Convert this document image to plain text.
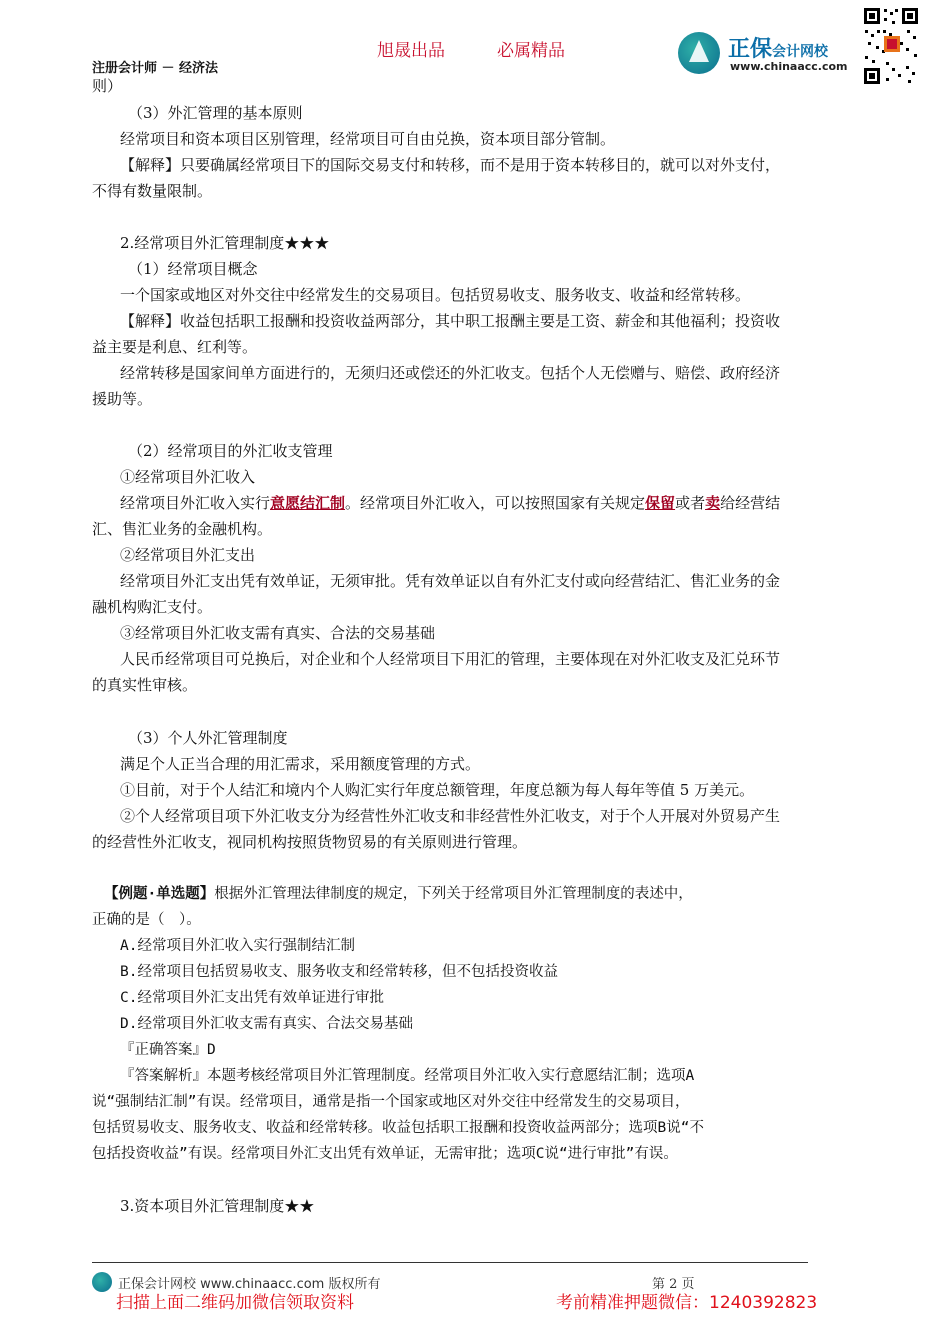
旭晟出品	必属精品
注册会计师 － 经济法
正保会计网校
www.chinaacc.com
则）
（3）外汇管理的基本原则
经常项目和资本项目区别管理，经常项目可自由兑换，资本项目部分管制。
【解释】只要确属经常项目下的国际交易支付和转移，而不是用于资本转移目的，就可以对外支付，
不得有数量限制。
2.经常项目外汇管理制度★★★
（1）经常项目概念
一个国家或地区对外交往中经常发生的交易项目。包括贸易收支、服务收支、收益和经常转移。
【解释】收益包括职工报酬和投资收益两部分，其中职工报酬主要是工资、薪金和其他福利；投资收
益主要是利息、红利等。
经常转移是国家间单方面进行的，无须归还或偿还的外汇收支。包括个人无偿赠与、赔偿、政府经济
援助等。
（2）经常项目的外汇收支管理
①经常项目外汇收入
经常项目外汇收入实行意愿结汇制。经常项目外汇收入，可以按照国家有关规定保留或者卖给经营结
汇、售汇业务的金融机构。
②经常项目外汇支出
经常项目外汇支出凭有效单证，无须审批。凭有效单证以自有外汇支付或向经营结汇、售汇业务的金
融机构购汇支付。
③经常项目外汇收支需有真实、合法的交易基础
人民币经常项目可兑换后，对企业和个人经常项目下用汇的管理，主要体现在对外汇收支及汇兑环节
的真实性审核。
（3）个人外汇管理制度
满足个人正当合理的用汇需求，采用额度管理的方式。
①目前，对于个人结汇和境内个人购汇实行年度总额管理，年度总额为每人每年等值 5 万美元。
②个人经常项目项下外汇收支分为经营性外汇收支和非经营性外汇收支，对于个人开展对外贸易产生
的经营性外汇收支，视同机构按照货物贸易的有关原则进行管理。
【例题·单选题】根据外汇管理法律制度的规定，下列关于经常项目外汇管理制度的表述中，
正确的是（　）。
A.经常项目外汇收入实行强制结汇制
B.经常项目包括贸易收支、服务收支和经常转移，但不包括投资收益
C.经常项目外汇支出凭有效单证进行审批
D.经常项目外汇收支需有真实、合法交易基础
『正确答案』D
『答案解析』本题考核经常项目外汇管理制度。经常项目外汇收入实行意愿结汇制；选项A
说“强制结汇制”有误。经常项目，通常是指一个国家或地区对外交往中经常发生的交易项目，
包括贸易收支、服务收支、收益和经常转移。收益包括职工报酬和投资收益两部分；选项B说“不
包括投资收益”有误。经常项目外汇支出凭有效单证，无需审批；选项C说“进行审批”有误。
3.资本项目外汇管理制度★★
正保会计网校 www.chinaacc.com 版权所有	第 2 页
扫描上面二维码加微信领取资料	考前精准押题微信：1240392823
